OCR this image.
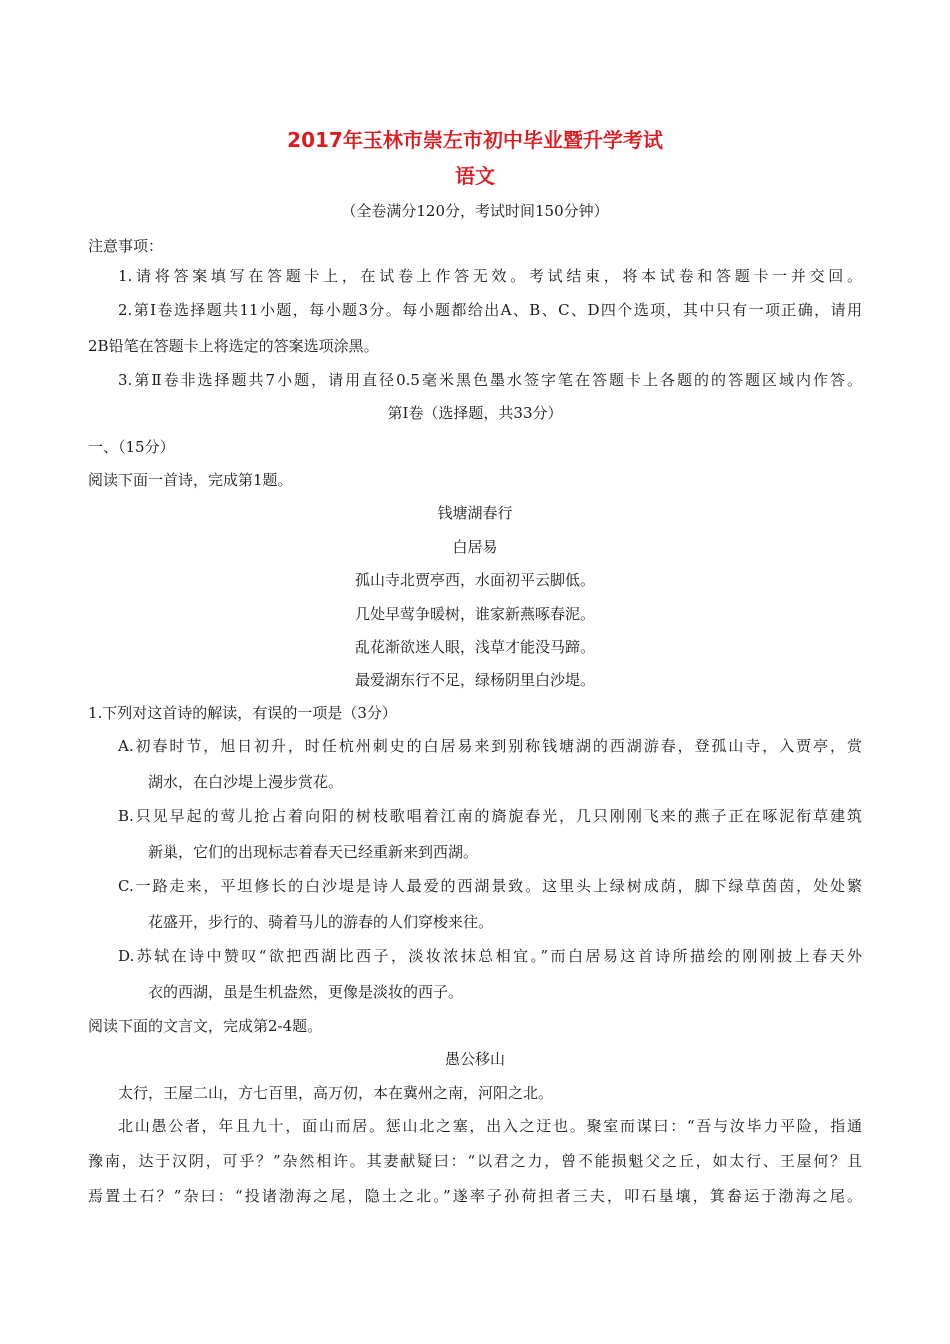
2017年玉林市崇左市初中毕业暨升学考试
语文
（全卷满分120分，考试时间150分钟）
注意事项：
1.请将答案填写在答题卡上，在试卷上作答无效。考试结束，将本试卷和答题卡一并交回。
2.第Ⅰ卷选择题共11小题，每小题3分。每小题都给出A、B、C、D四个选项，其中只有一项正确，请用
2B铅笔在答题卡上将选定的答案选项涂黑。
3.第Ⅱ卷非选择题共7小题，请用直径0.5毫米黑色墨水签字笔在答题卡上各题的的答题区域内作答。
第Ⅰ卷（选择题，共33分）
一、（15分）
阅读下面一首诗，完成第1题。
钱塘湖春行
白居易
孤山寺北贾亭西，水面初平云脚低。
几处早莺争暖树，谁家新燕啄春泥。
乱花渐欲迷人眼，浅草才能没马蹄。
最爱湖东行不足，绿杨阴里白沙堤。
1.下列对这首诗的解读，有误的一项是（3分）
A.初春时节，旭日初升，时任杭州刺史的白居易来到别称钱塘湖的西湖游春，登孤山寺，入贾亭，赏
湖水，在白沙堤上漫步赏花。
B.只见早起的莺儿抢占着向阳的树枝歌唱着江南的旖旎春光，几只刚刚飞来的燕子正在啄泥衔草建筑
新巢，它们的出现标志着春天已经重新来到西湖。
C.一路走来，平坦修长的白沙堤是诗人最爱的西湖景致。这里头上绿树成荫，脚下绿草茵茵，处处繁
花盛开，步行的、骑着马儿的游春的人们穿梭来往。
D.苏轼在诗中赞叹“欲把西湖比西子，淡妆浓抹总相宜。”而白居易这首诗所描绘的刚刚披上春天外
衣的西湖，虽是生机盎然，更像是淡妆的西子。
阅读下面的文言文，完成第2-4题。
愚公移山
太行，王屋二山，方七百里，高万仞，本在冀州之南，河阳之北。
北山愚公者，年且九十，面山而居。惩山北之塞，出入之迂也。聚室而谋曰：“吾与汝毕力平险，指通
豫南，达于汉阴，可乎？”杂然相许。其妻献疑曰：“以君之力，曾不能损魁父之丘，如太行、王屋何？且
焉置土石？”杂曰：“投诸渤海之尾，隐土之北。”遂率子孙荷担者三夫，叩石垦壤，箕畚运于渤海之尾。
